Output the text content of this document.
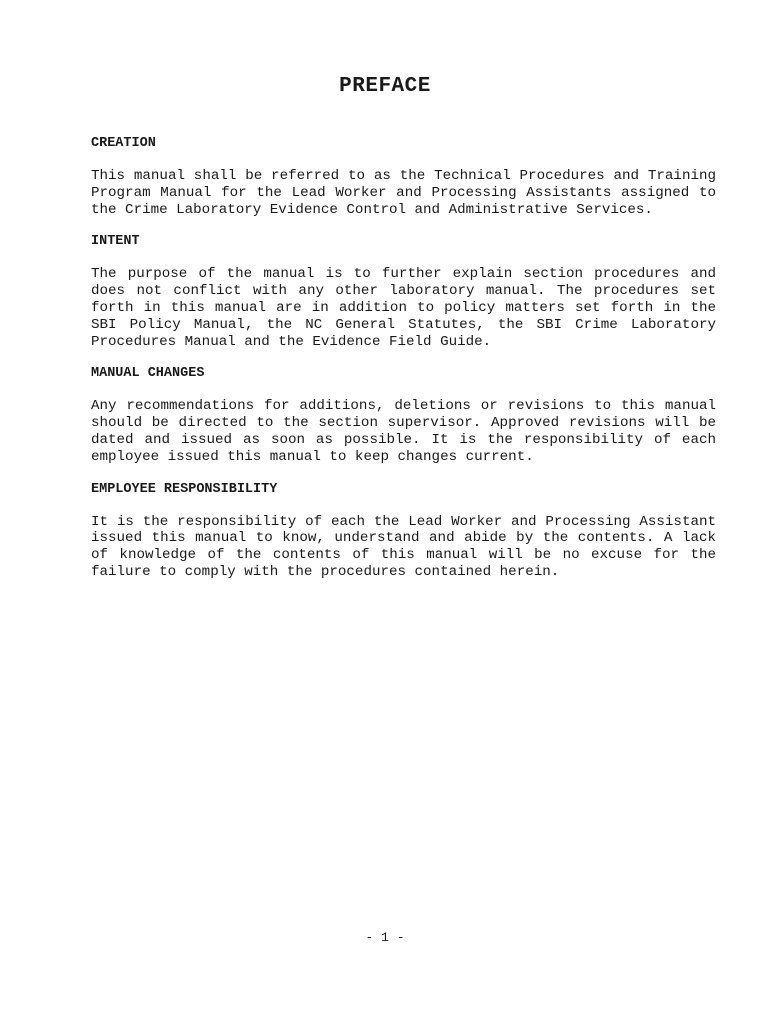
PREFACE
CREATION

This manual shall be referred to as the Technical Procedures and Training Program Manual for the Lead Worker and Processing Assistants assigned to the Crime Laboratory Evidence Control and Administrative Services.

INTENT

The purpose of the manual is to further explain section procedures and does not conflict with any other laboratory manual. The procedures set forth in this manual are in addition to policy matters set forth in the SBI Policy Manual, the NC General Statutes, the SBI Crime Laboratory Procedures Manual and the Evidence Field Guide.

MANUAL CHANGES

Any recommendations for additions, deletions or revisions to this manual should be directed to the section supervisor. Approved revisions will be dated and issued as soon as possible. It is the responsibility of each employee issued this manual to keep changes current.

EMPLOYEE RESPONSIBILITY

It is the responsibility of each the Lead Worker and Processing Assistant issued this manual to know, understand and abide by the contents. A lack of knowledge of the contents of this manual will be no excuse for the failure to comply with the procedures contained herein.

- 1 -
